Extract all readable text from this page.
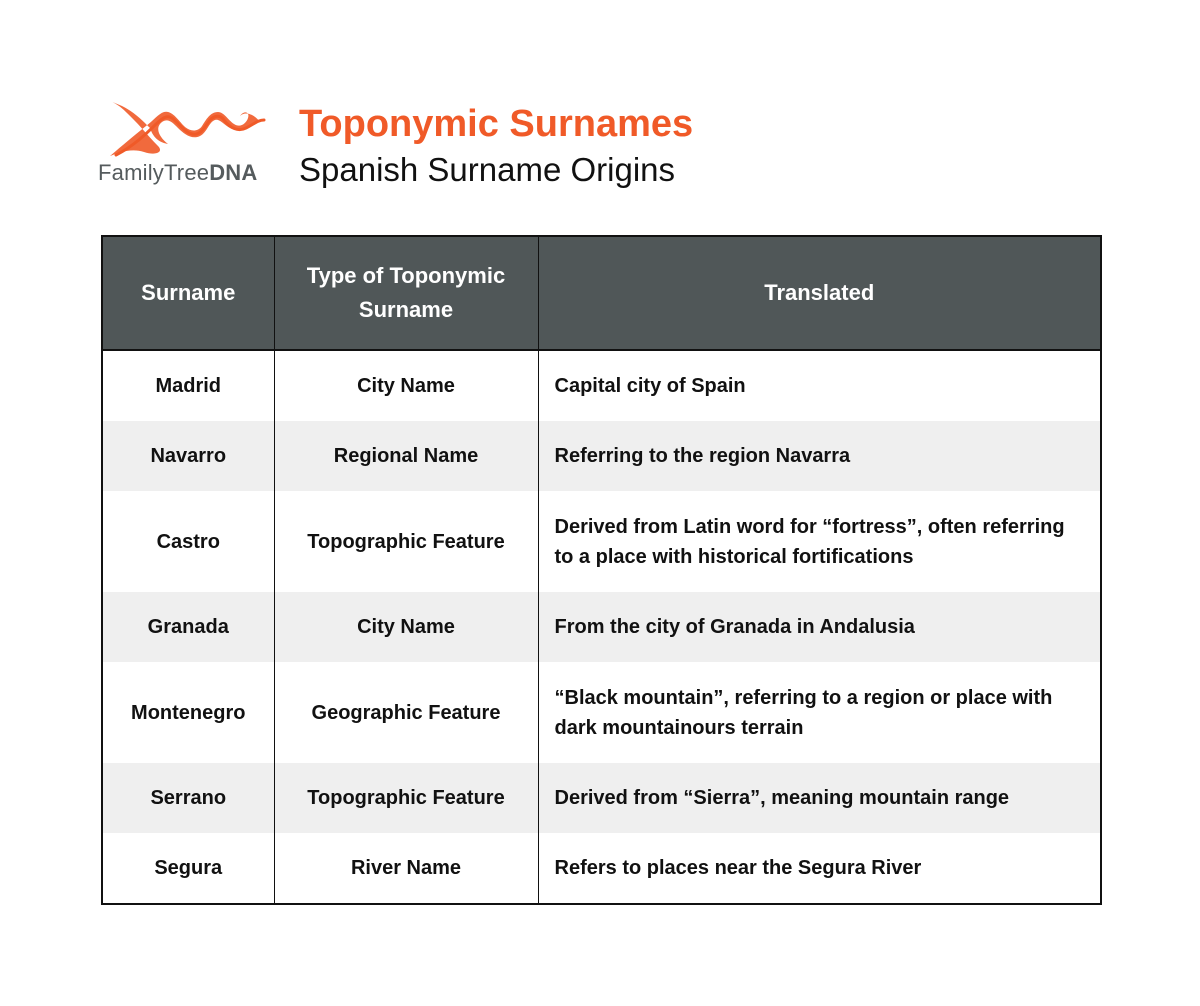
FamilyTreeDNA
Toponymic Surnames
Spanish Surname Origins
Surname	Type of Toponymic Surname	Translated
Madrid	City Name	Capital city of Spain
Navarro	Regional Name	Referring to the region Navarra
Castro	Topographic Feature	Derived from Latin word for “fortress”, often referring to a place with historical fortifications
Granada	City Name	From the city of Granada in Andalusia
Montenegro	Geographic Feature	“Black mountain”, referring to a region or place with dark mountainours terrain
Serrano	Topographic Feature	Derived from “Sierra”, meaning mountain range
Segura	River Name	Refers to places near the Segura River
